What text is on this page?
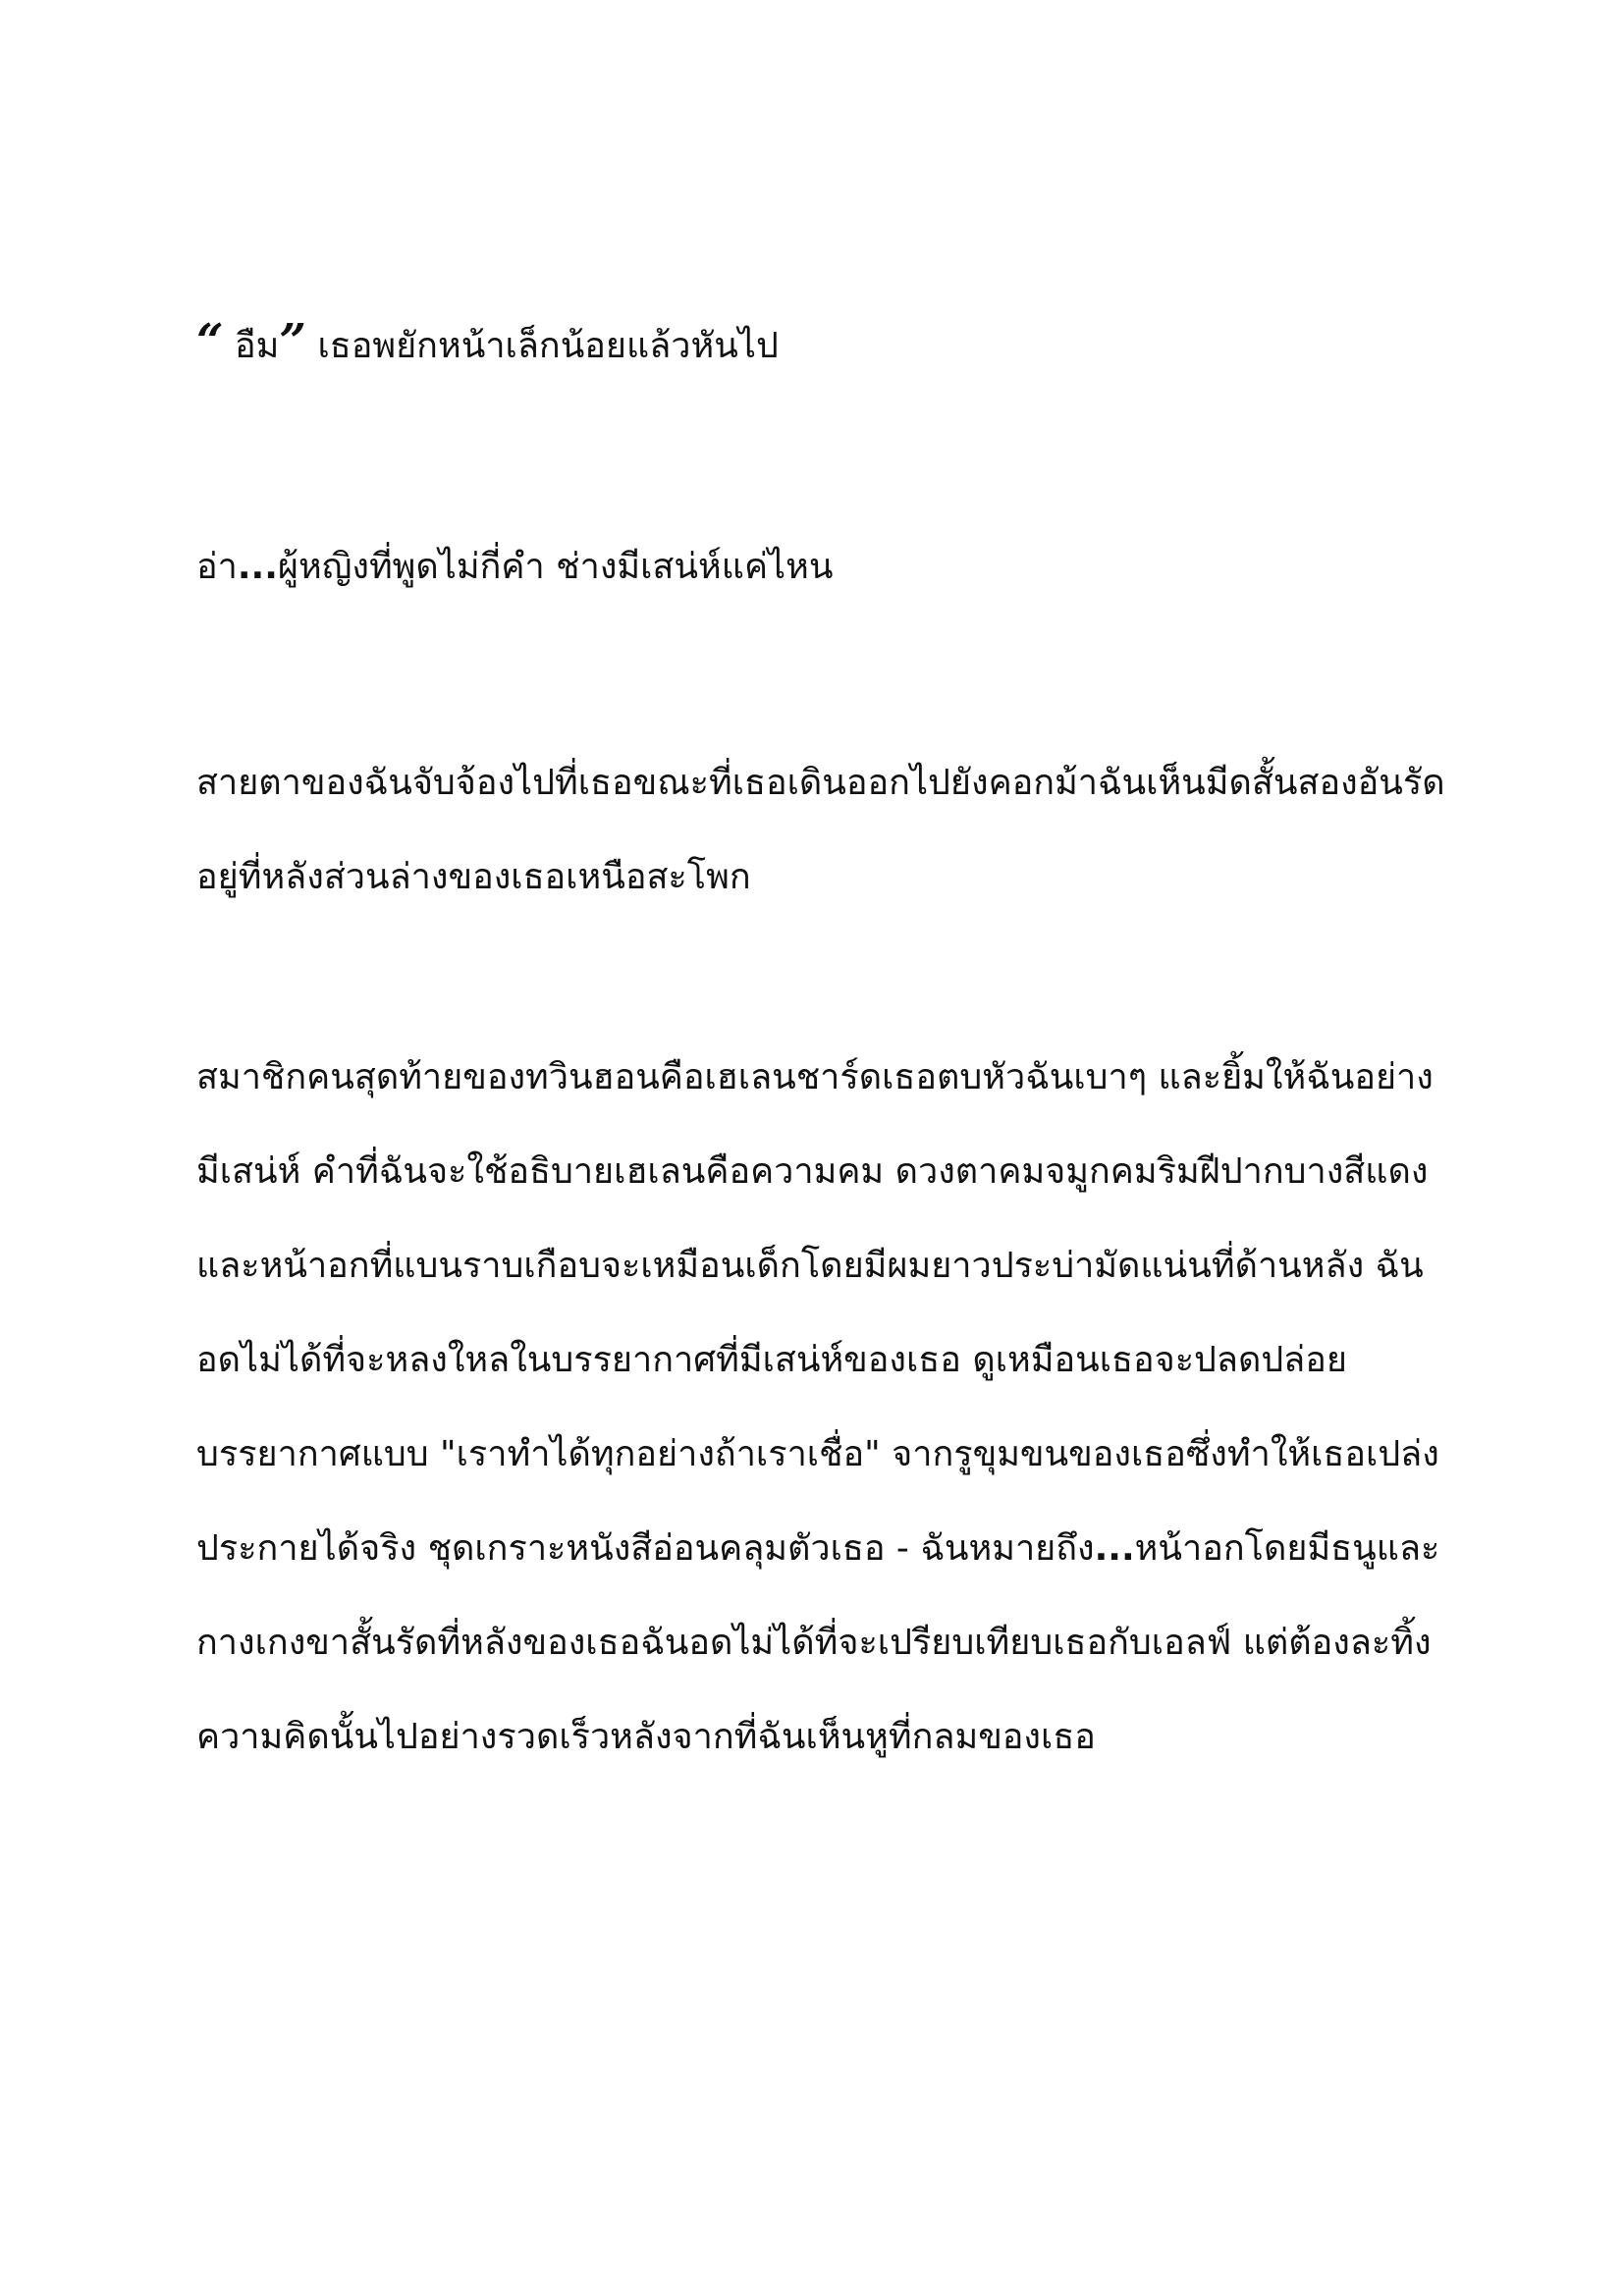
“ อืม” เธอพยักหน้าเล็กน้อยแล้วหันไป

อ่า...ผู้หญิงที่พูดไม่กี่คำ ช่างมีเสน่ห์แค่ไหน

สายตาของฉันจับจ้องไปที่เธอขณะที่เธอเดินออกไปยังคอกม้าฉันเห็นมีดสั้นสองอันรัด
อยู่ที่หลังส่วนล่างของเธอเหนือสะโพก

สมาชิกคนสุดท้ายของทวินฮอนคือเฮเลนชาร์ดเธอตบหัวฉันเบาๆ และยิ้มให้ฉันอย่าง
มีเสน่ห์ คำที่ฉันจะใช้อธิบายเฮเลนคือความคม ดวงตาคมจมูกคมริมฝีปากบางสีแดง
และหน้าอกที่แบนราบเกือบจะเหมือนเด็กโดยมีผมยาวประบ่ามัดแน่นที่ด้านหลัง ฉัน
อดไม่ได้ที่จะหลงใหลในบรรยากาศที่มีเสน่ห์ของเธอ ดูเหมือนเธอจะปลดปล่อย
บรรยากาศแบบ "เราทำได้ทุกอย่างถ้าเราเชื่อ" จากรูขุมขนของเธอซึ่งทำให้เธอเปล่ง
ประกายได้จริง ชุดเกราะหนังสีอ่อนคลุมตัวเธอ - ฉันหมายถึง...หน้าอกโดยมีธนูและ
กางเกงขาสั้นรัดที่หลังของเธอฉันอดไม่ได้ที่จะเปรียบเทียบเธอกับเอลฟ์ แต่ต้องละทิ้ง
ความคิดนั้นไปอย่างรวดเร็วหลังจากที่ฉันเห็นหูที่กลมของเธอ
